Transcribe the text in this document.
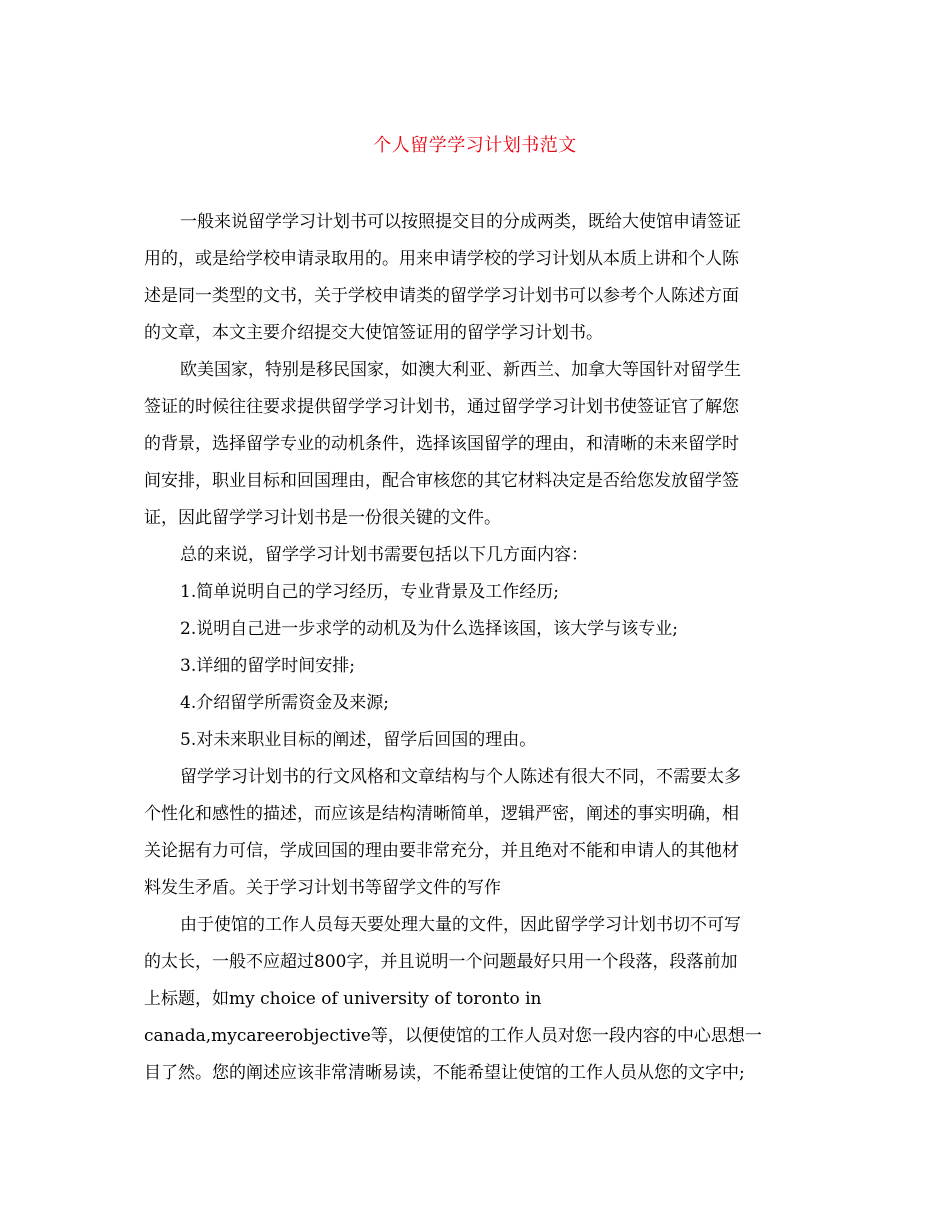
个人留学学习计划书范文
一般来说留学学习计划书可以按照提交目的分成两类，既给大使馆申请签证
用的，或是给学校申请录取用的。用来申请学校的学习计划从本质上讲和个人陈
述是同一类型的文书，关于学校申请类的留学学习计划书可以参考个人陈述方面
的文章，本文主要介绍提交大使馆签证用的留学学习计划书。
欧美国家，特别是移民国家，如澳大利亚、新西兰、加拿大等国针对留学生
签证的时候往往要求提供留学学习计划书，通过留学学习计划书使签证官了解您
的背景，选择留学专业的动机条件，选择该国留学的理由，和清晰的未来留学时
间安排，职业目标和回国理由，配合审核您的其它材料决定是否给您发放留学签
证，因此留学学习计划书是一份很关键的文件。
总的来说，留学学习计划书需要包括以下几方面内容：
1.简单说明自己的学习经历，专业背景及工作经历;
2.说明自己进一步求学的动机及为什么选择该国，该大学与该专业;
3.详细的留学时间安排;
4.介绍留学所需资金及来源;
5.对未来职业目标的阐述，留学后回国的理由。
留学学习计划书的行文风格和文章结构与个人陈述有很大不同，不需要太多
个性化和感性的描述，而应该是结构清晰简单，逻辑严密，阐述的事实明确，相
关论据有力可信，学成回国的理由要非常充分，并且绝对不能和申请人的其他材
料发生矛盾。关于学习计划书等留学文件的写作
由于使馆的工作人员每天要处理大量的文件，因此留学学习计划书切不可写
的太长，一般不应超过800字，并且说明一个问题最好只用一个段落，段落前加
上标题，如my choice of university of toronto in
canada,mycareerobjective等，以便使馆的工作人员对您一段内容的中心思想一
目了然。您的阐述应该非常清晰易读，不能希望让使馆的工作人员从您的文字中;
